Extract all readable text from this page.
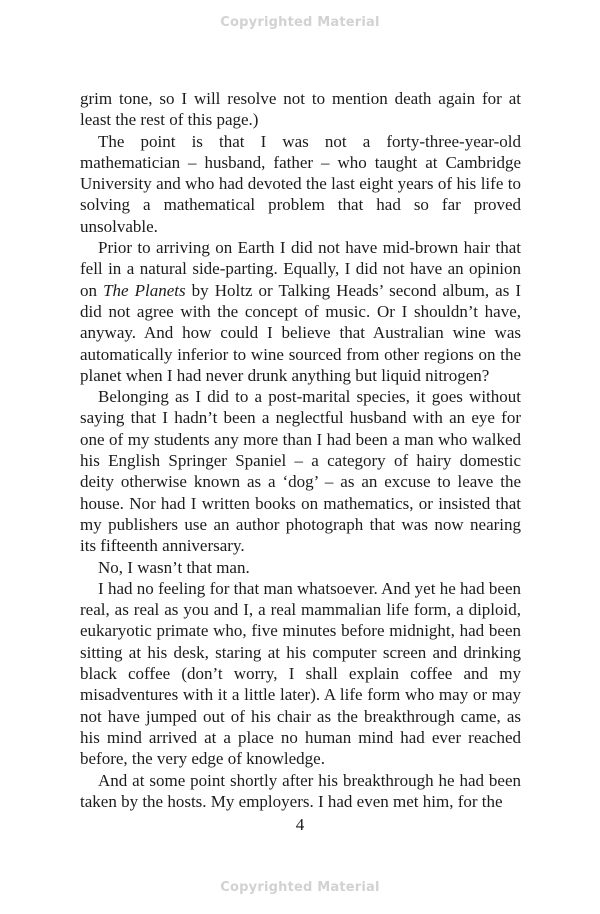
Copyrighted Material

grim tone, so I will resolve not to mention death again for at least the rest of this page.)

The point is that I was not a forty-three-year-old mathematician – husband, father – who taught at Cambridge University and who had devoted the last eight years of his life to solving a mathematical problem that had so far proved unsolvable.

Prior to arriving on Earth I did not have mid-brown hair that fell in a natural side-parting. Equally, I did not have an opinion on The Planets by Holtz or Talking Heads’ second album, as I did not agree with the concept of music. Or I shouldn’t have, anyway. And how could I believe that Australian wine was automatically inferior to wine sourced from other regions on the planet when I had never drunk anything but liquid nitrogen?

Belonging as I did to a post-marital species, it goes without saying that I hadn’t been a neglectful husband with an eye for one of my students any more than I had been a man who walked his English Springer Spaniel – a category of hairy domestic deity otherwise known as a ‘dog’ – as an excuse to leave the house. Nor had I written books on mathematics, or insisted that my publishers use an author photograph that was now nearing its fifteenth anniversary.

No, I wasn’t that man.

I had no feeling for that man whatsoever. And yet he had been real, as real as you and I, a real mammalian life form, a diploid, eukaryotic primate who, five minutes before midnight, had been sitting at his desk, staring at his computer screen and drinking black coffee (don’t worry, I shall explain coffee and my misadventures with it a little later). A life form who may or may not have jumped out of his chair as the breakthrough came, as his mind arrived at a place no human mind had ever reached before, the very edge of knowledge.

And at some point shortly after his breakthrough he had been taken by the hosts. My employers. I had even met him, for the

4
Copyrighted Material
